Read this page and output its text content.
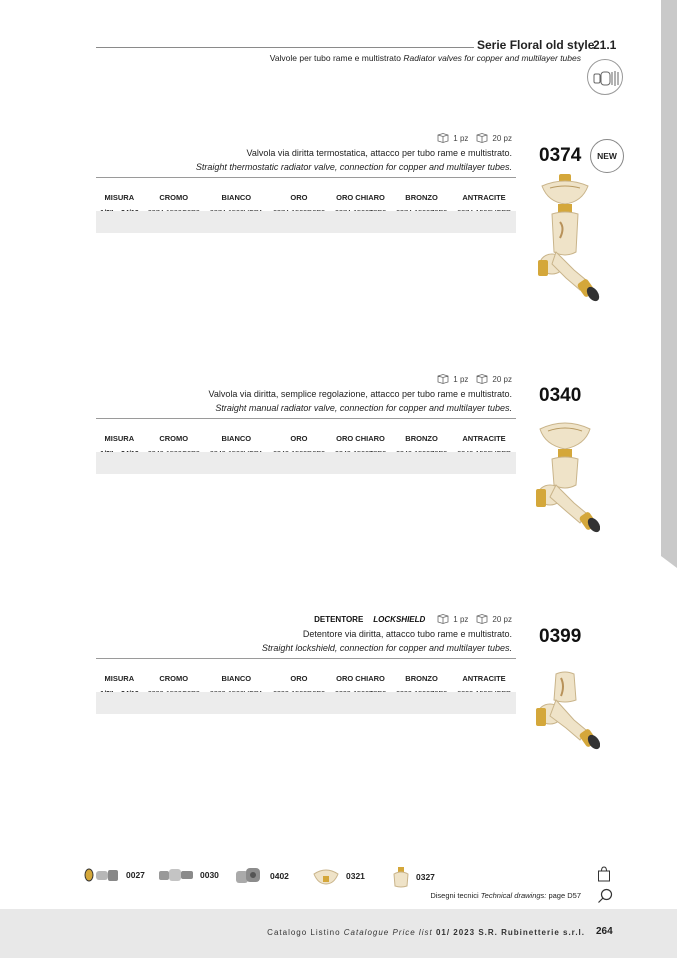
Serie Floral old style
21.1
Valvole per tubo rame e multistrato Radiator valves for copper and multilayer tubes
1 pz	20 pz
Valvola via diritta termostatica, attacco per tubo rame e multistrato.
Straight thermostatic radiator valve, connection for copper and multilayer tubes.
MISURA	CROMO	BIANCO	ORO	ORO CHIARO	BRONZO	ANTRACITE

0374	NEW
1 pz	20 pz
Valvola via diritta, semplice regolazione, attacco per tubo rame e multistrato.
Straight manual radiator valve, connection for copper and multilayer tubes.
MISURA	CROMO	BIANCO	ORO	ORO CHIARO	BRONZO	ANTRACITE

0340
DETENTORE LOCKSHIELD	1 pz	20 pz
Detentore via diritta, attacco tubo rame e multistrato.
Straight lockshield, connection for copper and multilayer tubes.
MISURA	CROMO	BIANCO	ORO	ORO CHIARO	BRONZO	ANTRACITE

0399
0027	0030	0402	0321	0327
Disegni tecnici Technical drawings: page D57
Catalogo Listino Catalogue Price list 01/ 2023 S.R. Rubinetterie s.r.l. 264
